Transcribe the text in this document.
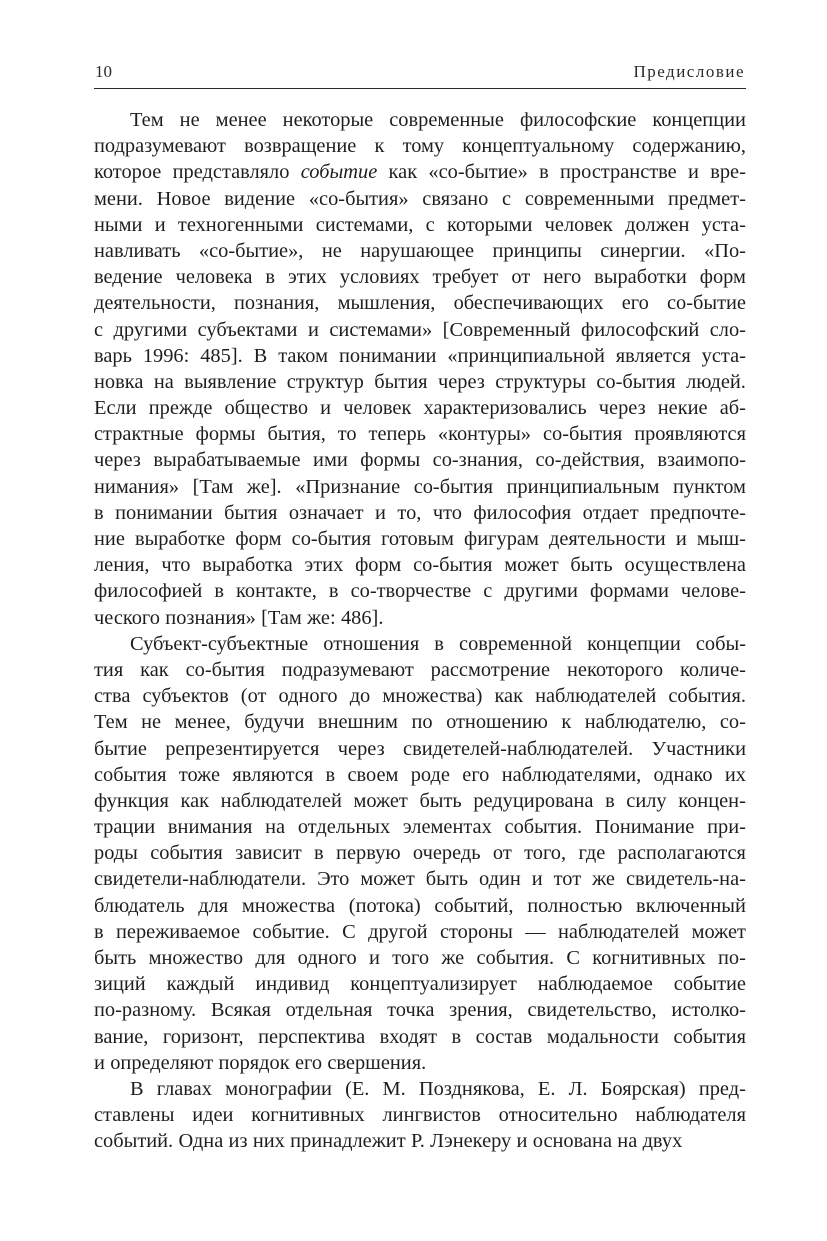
10	Предисловие
Тем не менее некоторые современные философские концепции
подразумевают возвращение к тому концептуальному содержанию,
которое представляло событие как «со-бытие» в пространстве и вре-
мени. Новое видение «со-бытия» связано с современными предмет-
ными и техногенными системами, с которыми человек должен уста-
навливать «со-бытие», не нарушающее принципы синергии. «По-
ведение человека в этих условиях требует от него выработки форм
деятельности, познания, мышления, обеспечивающих его со-бытие
с другими субъектами и системами» [Современный философский сло-
варь 1996: 485]. В таком понимании «принципиальной является уста-
новка на выявление структур бытия через структуры со-бытия людей.
Если прежде общество и человек характеризовались через некие аб-
страктные формы бытия, то теперь «контуры» со-бытия проявляются
через вырабатываемые ими формы со-знания, со-действия, взаимопо-
нимания» [Там же]. «Признание со-бытия принципиальным пунктом
в понимании бытия означает и то, что философия отдает предпочте-
ние выработке форм со-бытия готовым фигурам деятельности и мыш-
ления, что выработка этих форм со-бытия может быть осуществлена
философией в контакте, в со-творчестве с другими формами челове-
ческого познания» [Там же: 486].
Субъект-субъектные отношения в современной концепции собы-
тия как со-бытия подразумевают рассмотрение некоторого количе-
ства субъектов (от одного до множества) как наблюдателей события.
Тем не менее, будучи внешним по отношению к наблюдателю, со-
бытие репрезентируется через свидетелей-наблюдателей. Участники
события тоже являются в своем роде его наблюдателями, однако их
функция как наблюдателей может быть редуцирована в силу концен-
трации внимания на отдельных элементах события. Понимание при-
роды события зависит в первую очередь от того, где располагаются
свидетели-наблюдатели. Это может быть один и тот же свидетель-на-
блюдатель для множества (потока) событий, полностью включенный
в переживаемое событие. С другой стороны — наблюдателей может
быть множество для одного и того же события. С когнитивных по-
зиций каждый индивид концептуализирует наблюдаемое событие
по-разному. Всякая отдельная точка зрения, свидетельство, истолко-
вание, горизонт, перспектива входят в состав модальности события
и определяют порядок его свершения.
В главах монографии (Е. М. Позднякова, Е. Л. Боярская) пред-
ставлены идеи когнитивных лингвистов относительно наблюдателя
событий. Одна из них принадлежит Р. Лэнекеру и основана на двух
